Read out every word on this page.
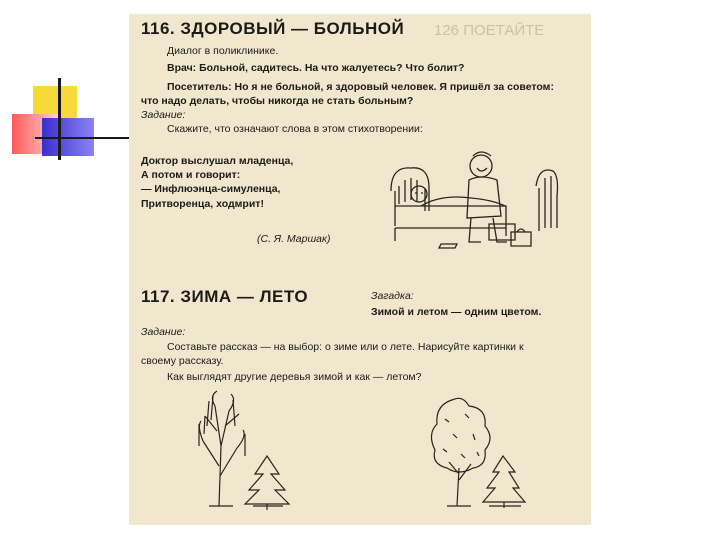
126 ПОЕТАЙТЕ
116. ЗДОРОВЫЙ — БОЛЬНОЙ
Диалог в поликлинике.
Врач: Больной, садитесь. На что жалуетесь? Что болит?
Посетитель: Но я не больной, я здоровый человек. Я пришёл за советом:
что надо делать, чтобы никогда не стать больным?
Задание:
Скажите, что означают слова в этом стихотворении:
Доктор выслушал младенца,
А потом и говорит:
— Инфлюэнца-симуленца,
Притворенца, ходмрит!
(С. Я. Маршак)
117. ЗИМА — ЛЕТО	Загадка:
Зимой и летом — одним цветом.
Задание:
Составьте рассказ — на выбор: о зиме или о лете. Нарисуйте картинки к
своему рассказу.
Как выглядят другие деревья зимой и как — летом?
